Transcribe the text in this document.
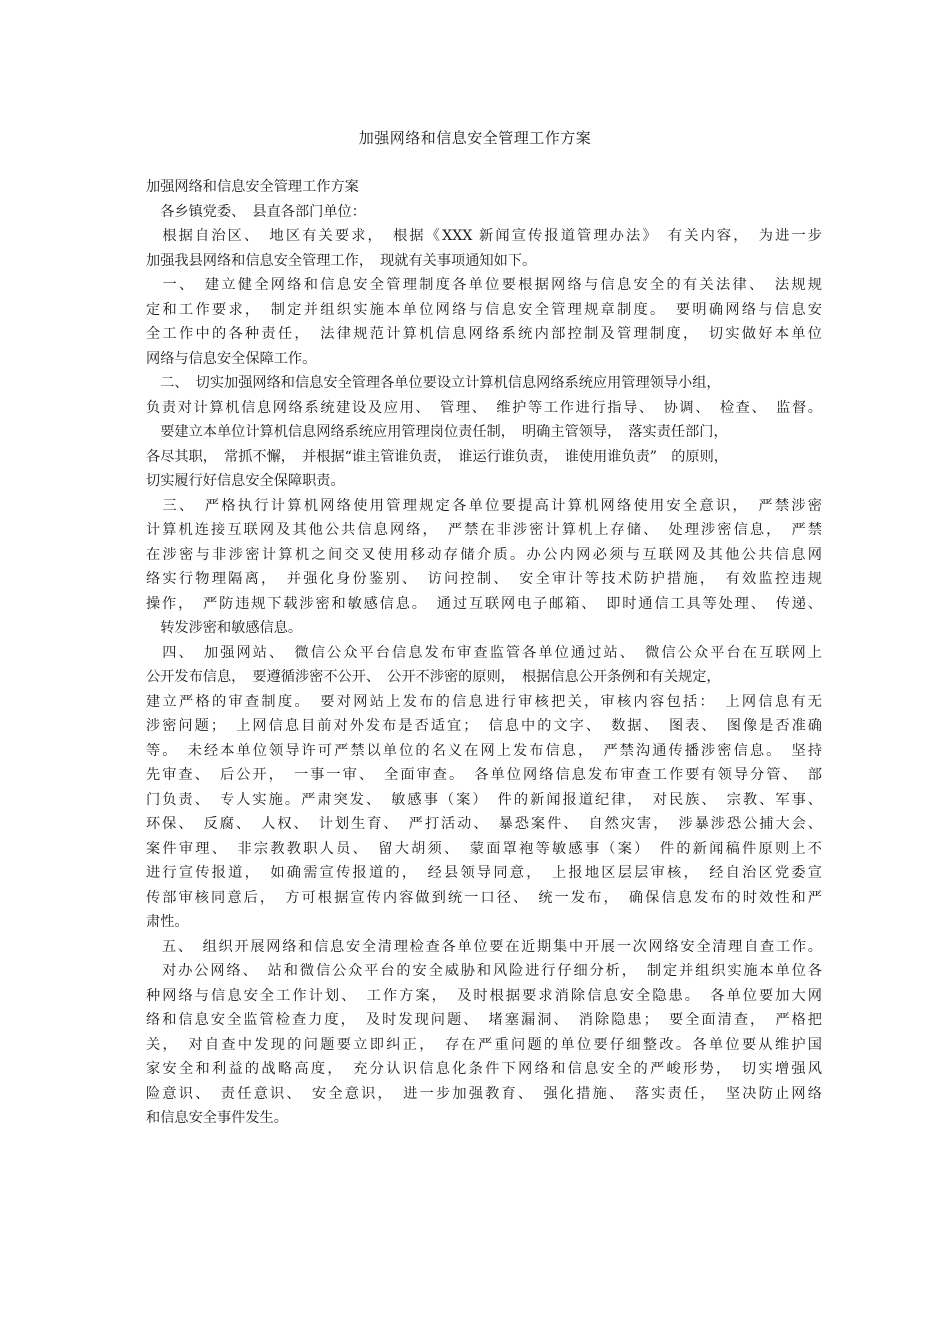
加强网络和信息安全管理工作方案
加强网络和信息安全管理工作方案
　各乡镇党委、　县直各部门单位：
　根据自治区、　地区有关要求，　根据《XXX 新闻宣传报道管理办法》　有关内容，　为进一步
加强我县网络和信息安全管理工作，　现就有关事项通知如下。
　一、　建立健全网络和信息安全管理制度各单位要根据网络与信息安全的有关法律、　法规规
定和工作要求，　制定并组织实施本单位网络与信息安全管理规章制度。　要明确网络与信息安
全工作中的各种责任，　法律规范计算机信息网络系统内部控制及管理制度，　切实做好本单位
网络与信息安全保障工作。
　二、　切实加强网络和信息安全管理各单位要设立计算机信息网络系统应用管理领导小组，
负责对计算机信息网络系统建设及应用、　管理、　维护等工作进行指导、　协调、　检查、　监督。
　要建立本单位计算机信息网络系统应用管理岗位责任制，　明确主管领导，　落实责任部门，
各尽其职，　常抓不懈，　并根据“谁主管谁负责，　谁运行谁负责，　谁使用谁负责”　的原则，
切实履行好信息安全保障职责。
　三、　严格执行计算机网络使用管理规定各单位要提高计算机网络使用安全意识，　严禁涉密
计算机连接互联网及其他公共信息网络，　严禁在非涉密计算机上存储、　处理涉密信息，　严禁
在涉密与非涉密计算机之间交叉使用移动存储介质。办公内网必须与互联网及其他公共信息网
络实行物理隔离，　并强化身份鉴别、　访问控制、　安全审计等技术防护措施，　有效监控违规
操作，　严防违规下载涉密和敏感信息。　通过互联网电子邮箱、　即时通信工具等处理、　传递、
　转发涉密和敏感信息。
　四、　加强网站、　微信公众平台信息发布审查监管各单位通过站、　微信公众平台在互联网上
公开发布信息，　要遵循涉密不公开、　公开不涉密的原则，　根据信息公开条例和有关规定，
建立严格的审查制度。　要对网站上发布的信息进行审核把关，审核内容包括：　上网信息有无
涉密问题；　上网信息目前对外发布是否适宜；　信息中的文字、　数据、　图表、　图像是否准确
等。　未经本单位领导许可严禁以单位的名义在网上发布信息，　严禁沟通传播涉密信息。　坚持
先审查、　后公开，　一事一审、　全面审查。　各单位网络信息发布审查工作要有领导分管、　部
门负责、　专人实施。严肃突发、　敏感事（案）　件的新闻报道纪律，　对民族、　宗教、军事、
环保、　反腐、　人权、　计划生育、　严打活动、　暴恐案件、　自然灾害，　涉暴涉恐公捕大会、
案件审理、　非宗教教职人员、　留大胡须、　蒙面罩袍等敏感事（案）　件的新闻稿件原则上不
进行宣传报道，　如确需宣传报道的，　经县领导同意，　上报地区层层审核，　经自治区党委宣
传部审核同意后，　方可根据宣传内容做到统一口径、　统一发布，　确保信息发布的时效性和严
肃性。
　五、　组织开展网络和信息安全清理检查各单位要在近期集中开展一次网络安全清理自查工作。
　对办公网络、　站和微信公众平台的安全威胁和风险进行仔细分析，　制定并组织实施本单位各
种网络与信息安全工作计划、　工作方案，　及时根据要求消除信息安全隐患。　各单位要加大网
络和信息安全监管检查力度，　及时发现问题、　堵塞漏洞、　消除隐患；　要全面清查，　严格把
关，　对自查中发现的问题要立即纠正，　存在严重问题的单位要仔细整改。各单位要从维护国
家安全和利益的战略高度，　充分认识信息化条件下网络和信息安全的严峻形势，　切实增强风
险意识、　责任意识、　安全意识，　进一步加强教育、　强化措施、　落实责任，　坚决防止网络
和信息安全事件发生。
